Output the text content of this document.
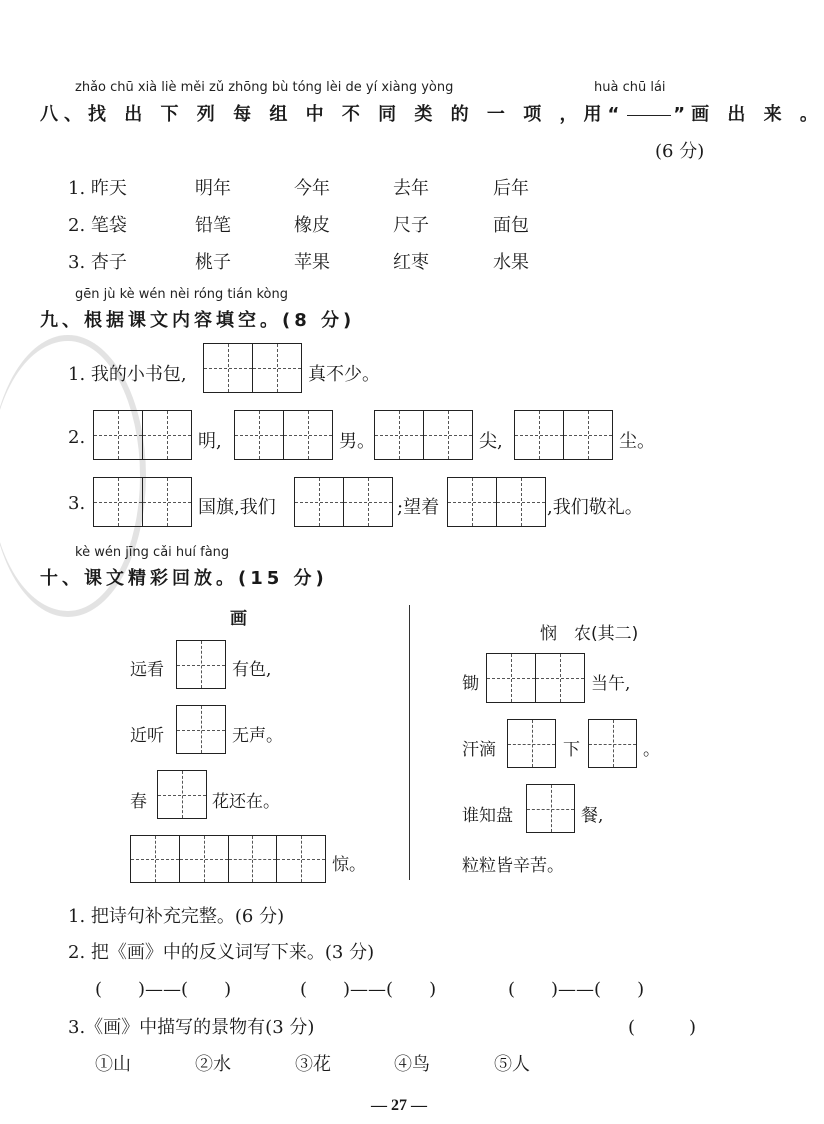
zhǎo chū xià liè měi zǔ zhōng bù tóng lèi de yí xiàng yòng	huà chū lái
八、找 出 下 列 每 组 中 不 同 类 的 一 项 ，用“	”画 出 来 。
(6 分)
1. 昨天	明年	今年	去年	后年
2. 笔袋	铅笔	橡皮	尺子	面包
3. 杏子	桃子	苹果	红枣	水果
gēn jù kè wén nèi róng tián kòng
九、根据课文内容填空。(8 分)
1. 我的小书包,	真不少。
2.	明,	男。	尖,	尘。
3.	国旗,我们	;望着	,我们敬礼。
kè wén jīng cǎi huí fàng
十、课文精彩回放。(15 分)
画
远看	有色,
近听	无声。
春	花还在。
惊。
悯　农(其二)
锄	当午,
汗滴	下	。
谁知盘	餐,
粒粒皆辛苦。
1. 把诗句补充完整。(6 分)
2. 把《画》中的反义词写下来。(3 分)
(　　)——(　　)	(　　)——(　　)	(　　)——(　　)
3.《画》中描写的景物有(3 分)	(　　　)
①山	②水	③花	④鸟	⑤人
— 27 —
